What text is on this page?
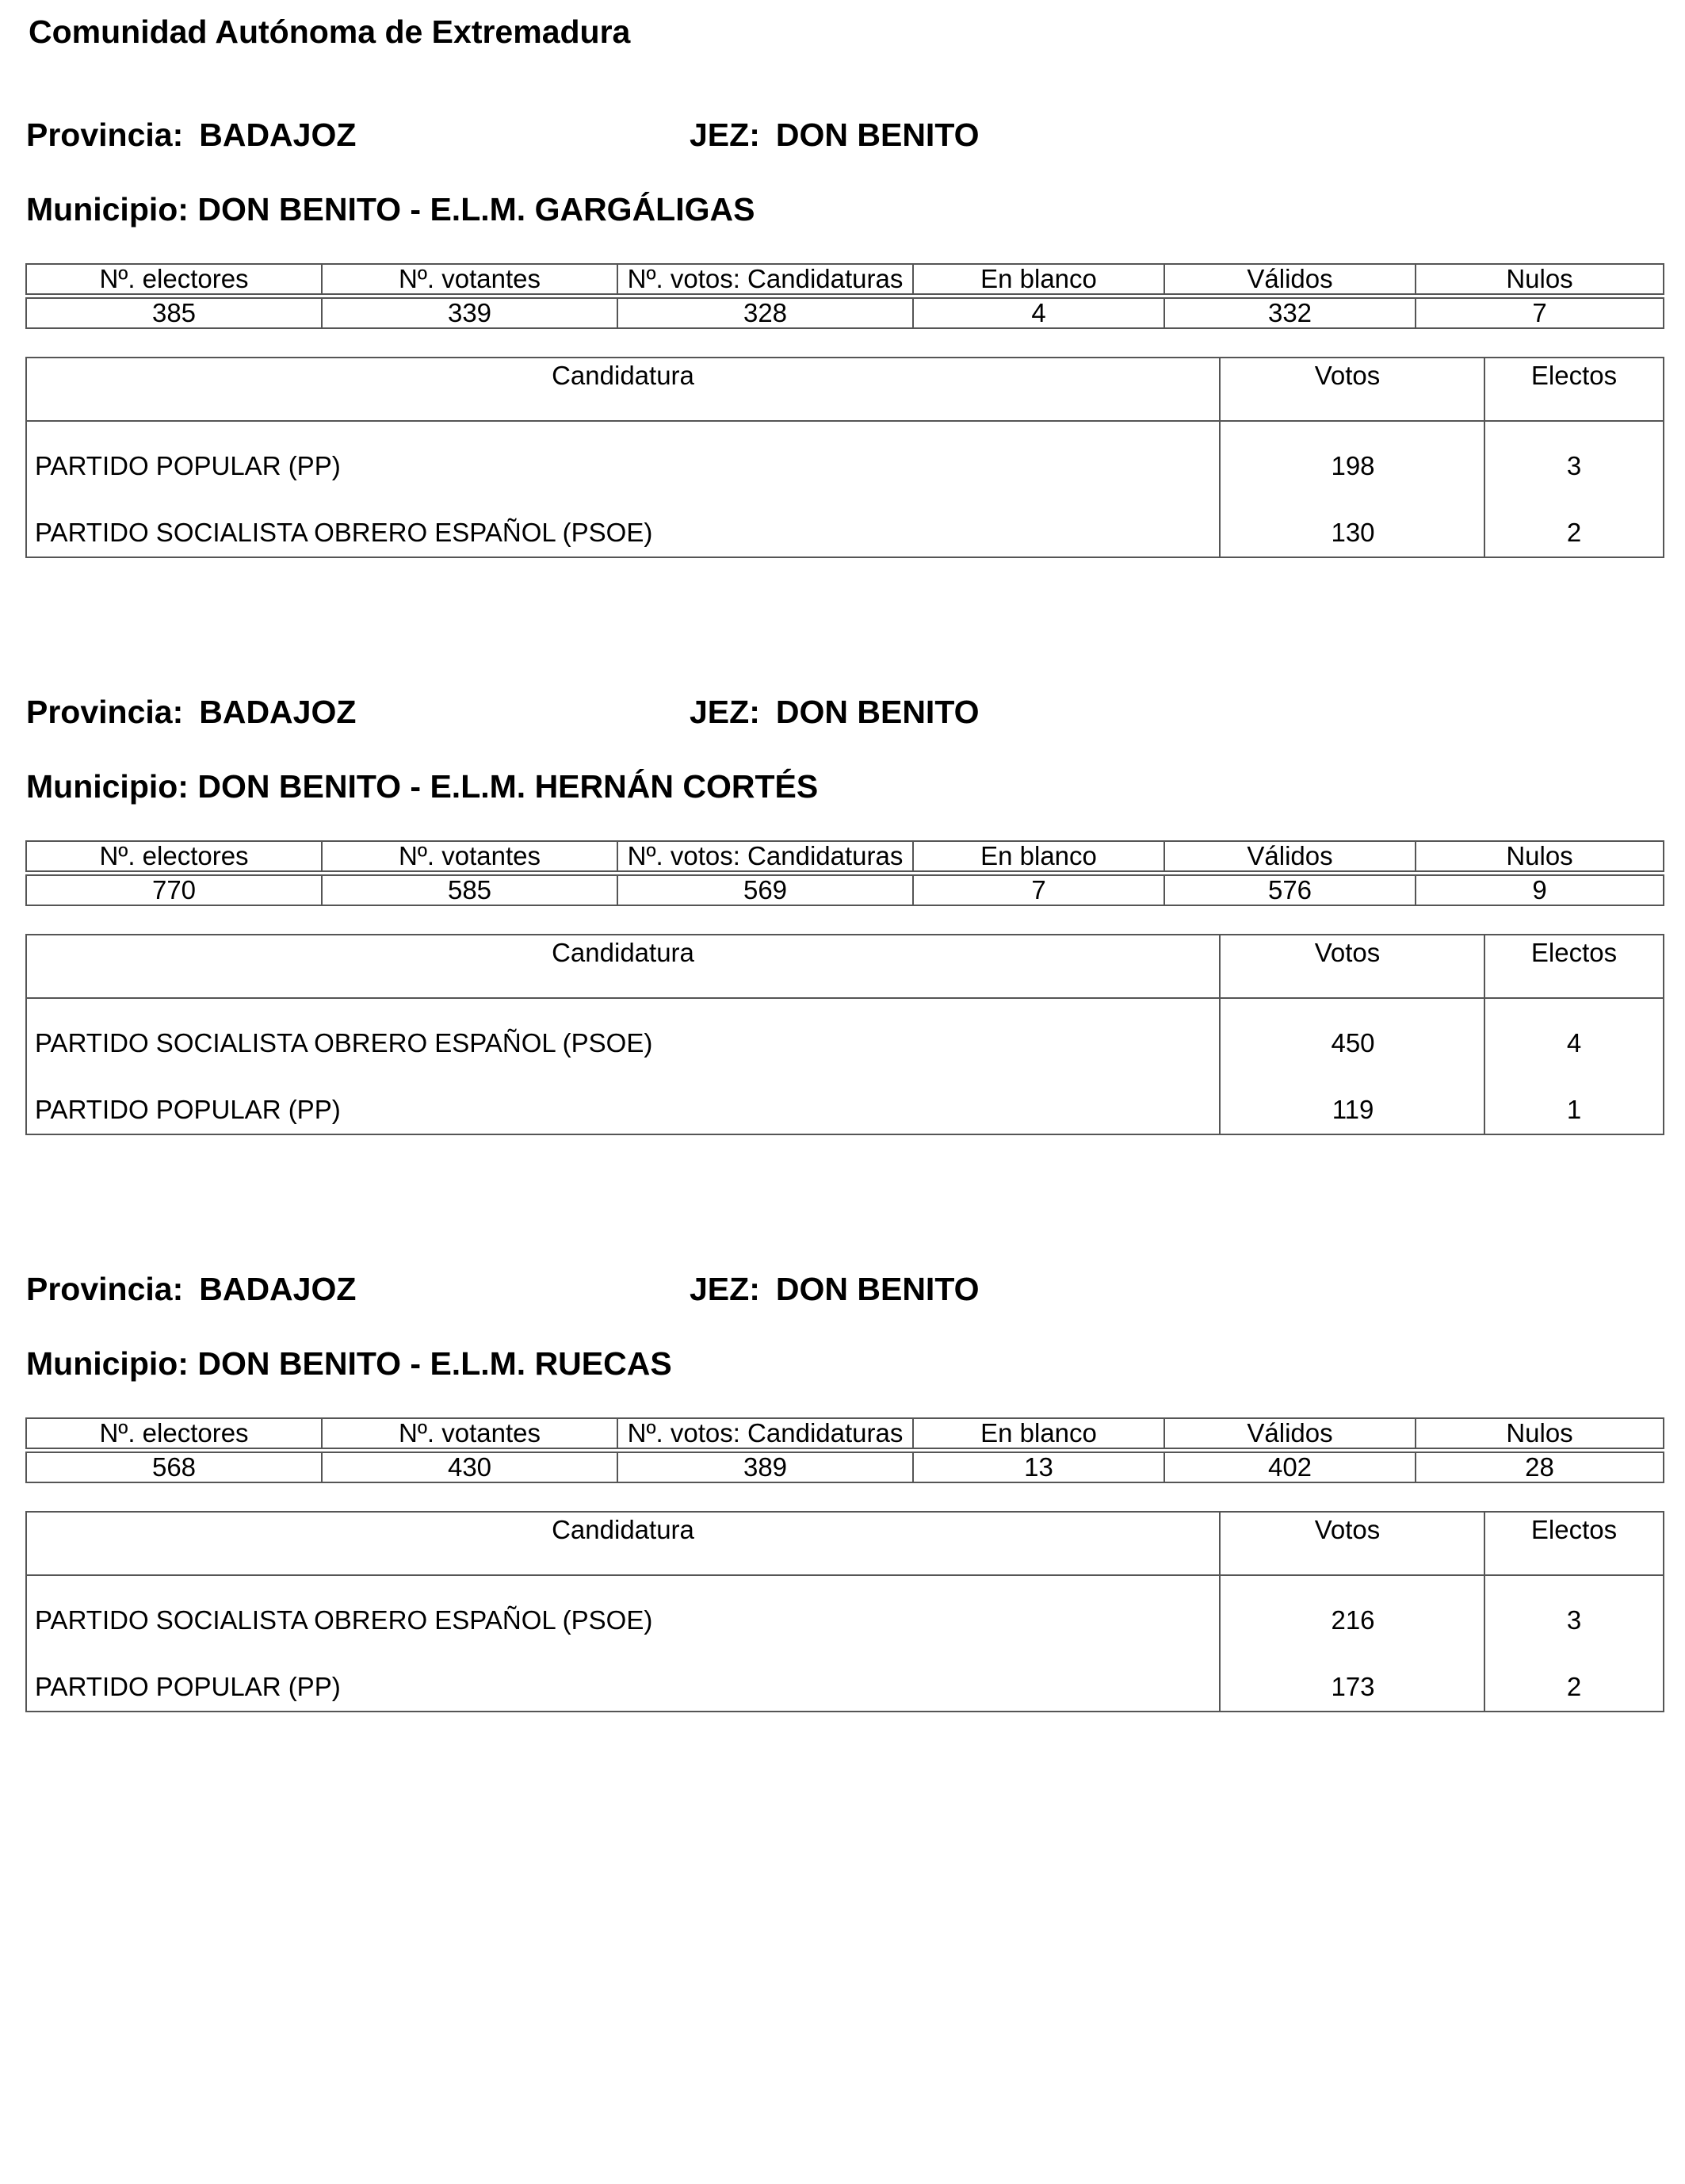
Comunidad Autónoma de Extremadura
Provincia: BADAJOZ	JEZ: DON BENITO
Municipio: DON BENITO - E.L.M. GARGÁLIGAS
Nº. electores	Nº. votantes	Nº. votos: Candidaturas	En blanco	Válidos	Nulos
385	339	328	4	332	7
Candidatura	Votos	Electos
PARTIDO POPULAR (PP)	198	3
PARTIDO SOCIALISTA OBRERO ESPAÑOL (PSOE)	130	2
Provincia: BADAJOZ	JEZ: DON BENITO
Municipio: DON BENITO - E.L.M. HERNÁN CORTÉS
Nº. electores	Nº. votantes	Nº. votos: Candidaturas	En blanco	Válidos	Nulos
770	585	569	7	576	9
Candidatura	Votos	Electos
PARTIDO SOCIALISTA OBRERO ESPAÑOL (PSOE)	450	4
PARTIDO POPULAR (PP)	119	1
Provincia: BADAJOZ	JEZ: DON BENITO
Municipio: DON BENITO - E.L.M. RUECAS
Nº. electores	Nº. votantes	Nº. votos: Candidaturas	En blanco	Válidos	Nulos
568	430	389	13	402	28
Candidatura	Votos	Electos
PARTIDO SOCIALISTA OBRERO ESPAÑOL (PSOE)	216	3
PARTIDO POPULAR (PP)	173	2
